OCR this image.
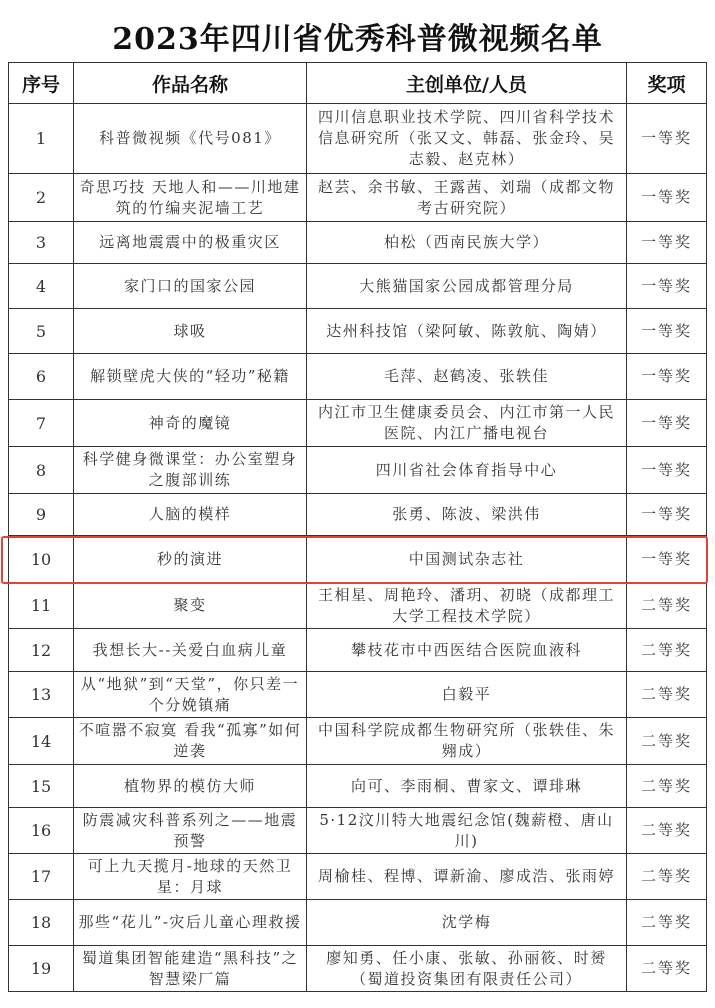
2023年四川省优秀科普微视频名单
序号	作品名称	主创单位/人员	奖项
1	科普微视频《代号081》	四川信息职业技术学院、四川省科学技术信息研究所（张又文、韩磊、张金玲、吴志毅、赵克林）	一等奖
2	奇思巧技 天地人和——川地建筑的竹编夹泥墙工艺	赵芸、余书敏、王露茜、刘瑞（成都文物考古研究院）	一等奖
3	远离地震震中的极重灾区	柏松（西南民族大学）	一等奖
4	家门口的国家公园	大熊猫国家公园成都管理分局	一等奖
5	球吸	达州科技馆（梁阿敏、陈敦航、陶婧）	一等奖
6	解锁壁虎大侠的“轻功”秘籍	毛萍、赵鹤凌、张轶佳	一等奖
7	神奇的魔镜	内江市卫生健康委员会、内江市第一人民医院、内江广播电视台	一等奖
8	科学健身微课堂：办公室塑身之腹部训练	四川省社会体育指导中心	一等奖
9	人脑的模样	张勇、陈波、梁洪伟	一等奖
10	秒的演进	中国测试杂志社	一等奖
11	聚变	王相星、周艳玲、潘玥、初晓（成都理工大学工程技术学院）	二等奖
12	我想长大--关爱白血病儿童	攀枝花市中西医结合医院血液科	二等奖
13	从“地狱”到“天堂”，你只差一个分娩镇痛	白毅平	二等奖
14	不喧嚣不寂寞 看我“孤寡”如何逆袭	中国科学院成都生物研究所（张轶佳、朱翙成）	二等奖
15	植物界的模仿大师	向可、李雨桐、曹家文、谭琲琳	二等奖
16	防震减灾科普系列之——地震预警	5·12汶川特大地震纪念馆(魏薪橙、唐山川)	二等奖
17	可上九天揽月-地球的天然卫星：月球	周榆桂、程博、谭新渝、廖成浩、张雨婷	二等奖
18	那些“花儿”-灾后儿童心理救援	沈学梅	二等奖
19	蜀道集团智能建造“黑科技”之智慧梁厂篇	廖知勇、任小康、张敏、孙丽筱、时赟（蜀道投资集团有限责任公司）	二等奖
